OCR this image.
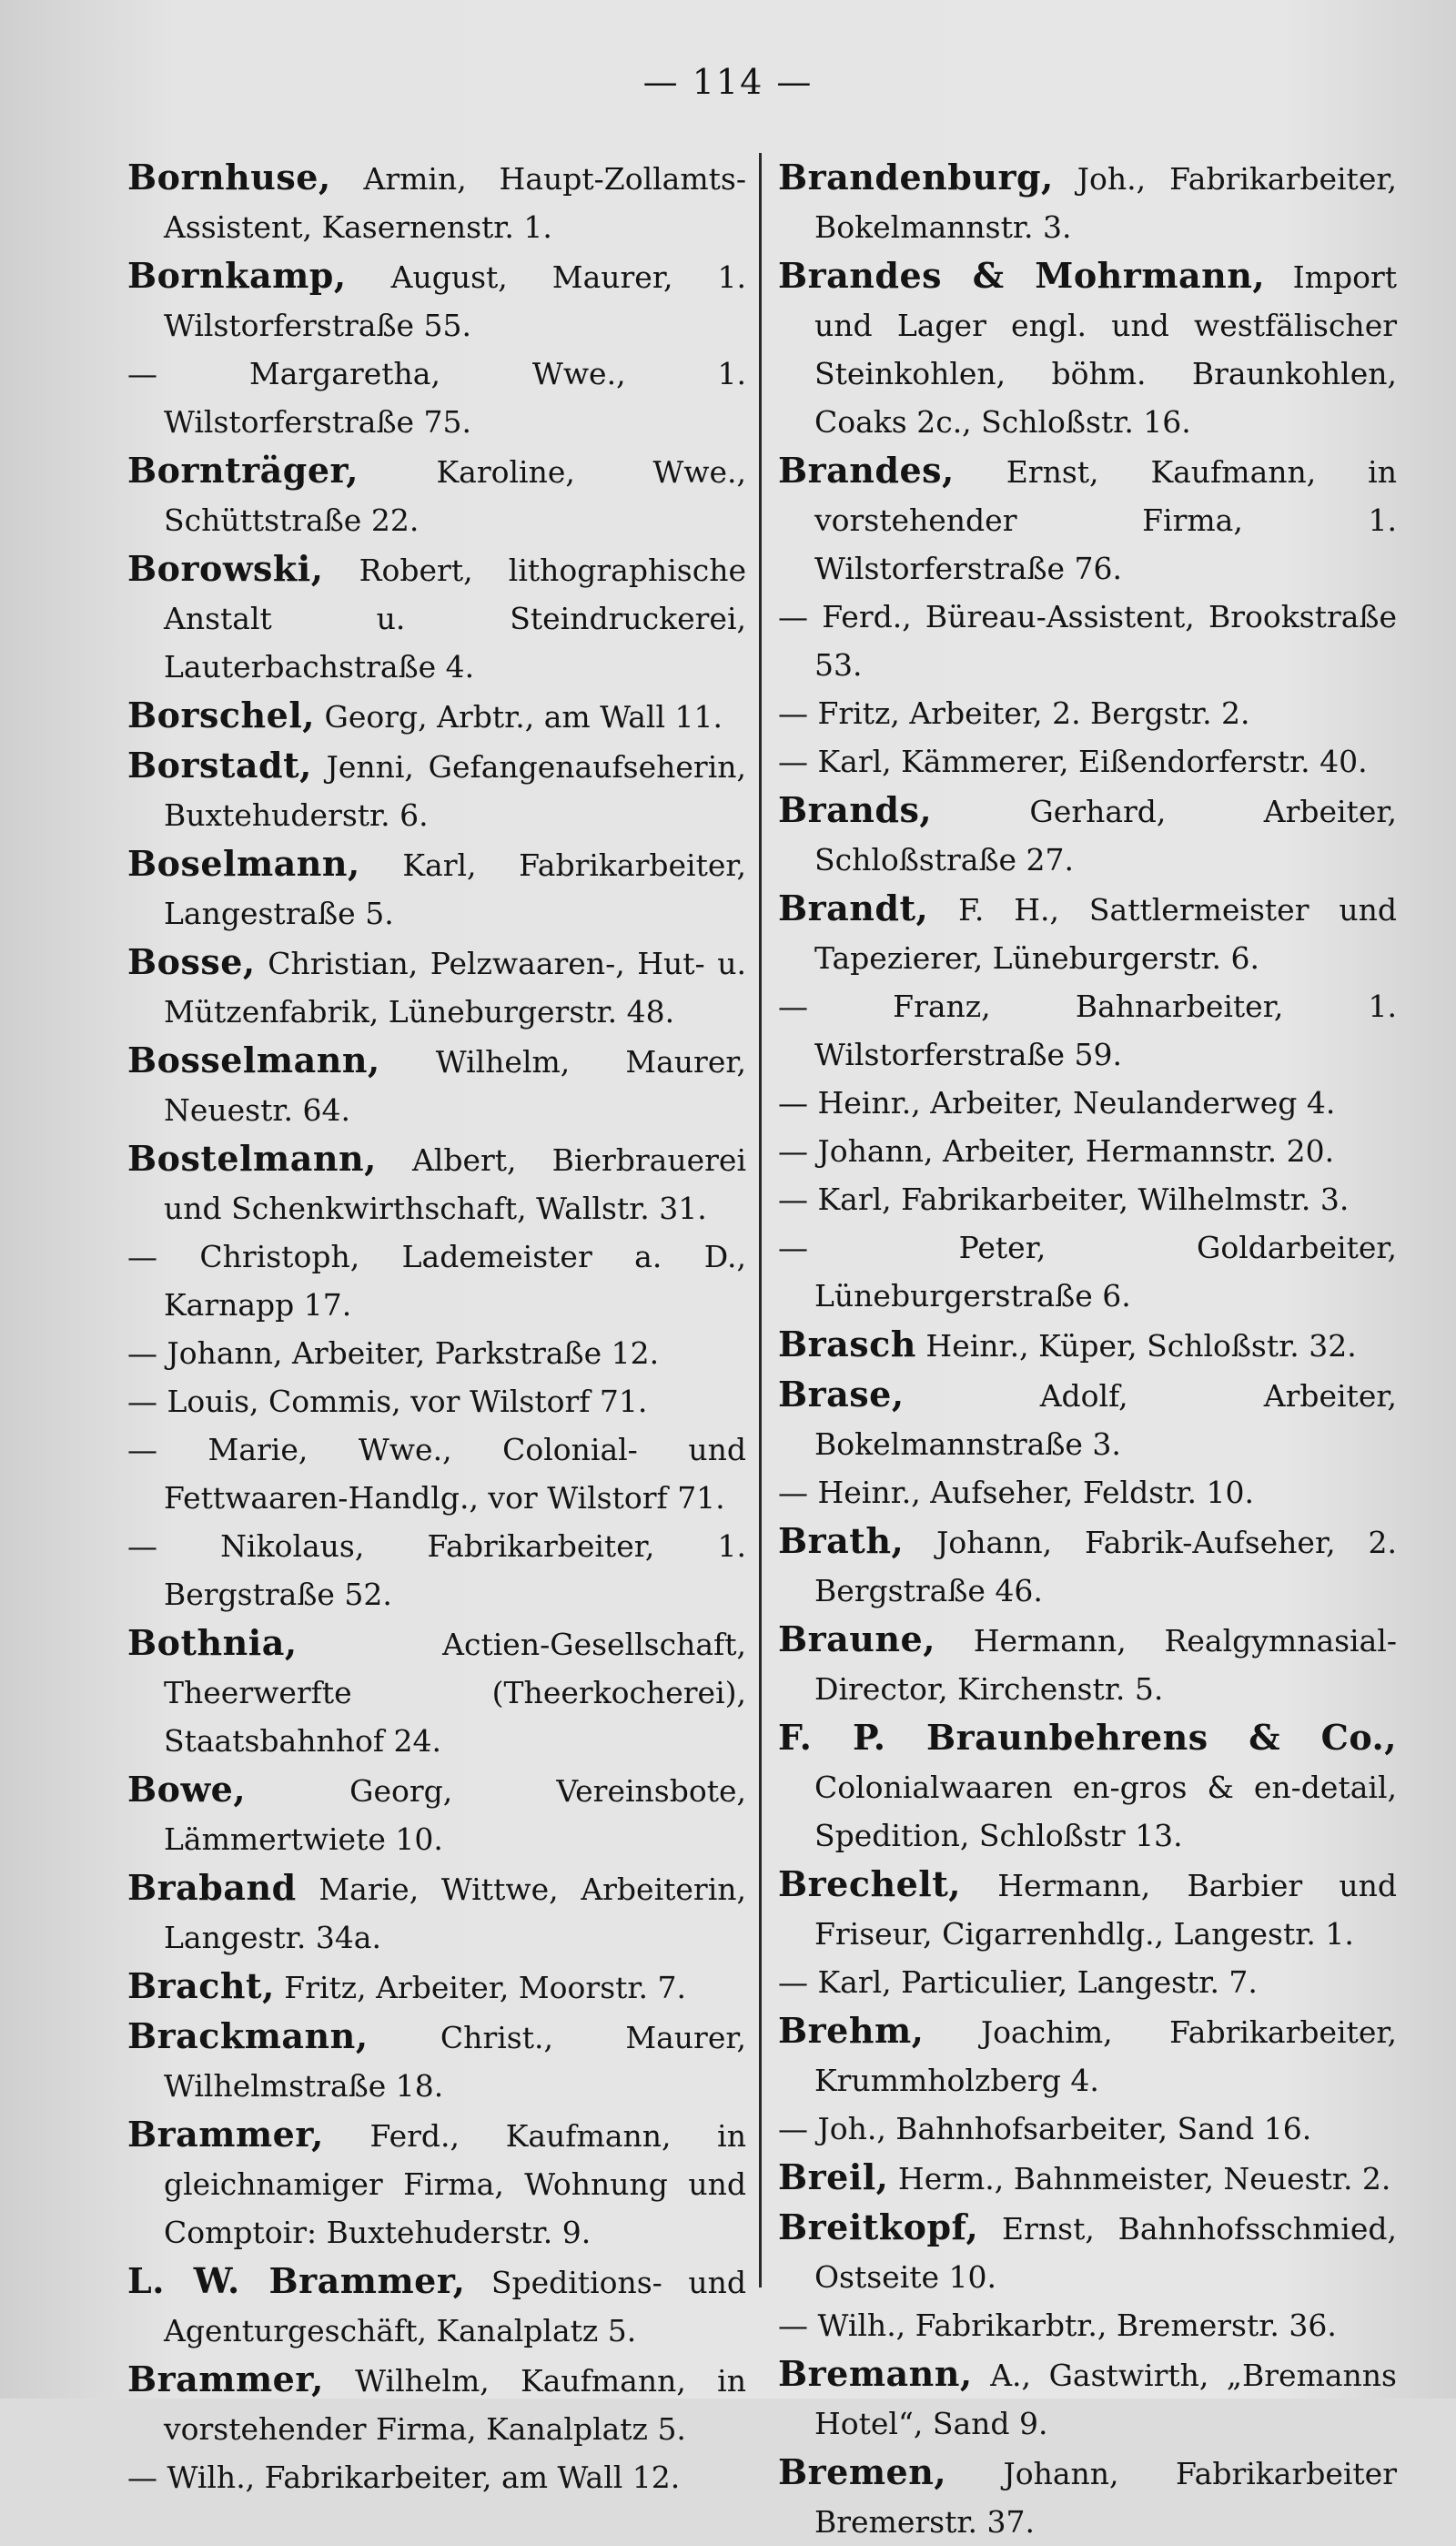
— 114 —
Bornhuse, Armin, Haupt-Zollamts-Assistent, Kasernenstr. 1.
Bornkamp, August, Maurer, 1. Wilstorferstraße 55.
— Margaretha, Wwe., 1. Wilstorferstraße 75.
Bornträger, Karoline, Wwe., Schüttstraße 22.
Borowski, Robert, lithographische Anstalt u. Steindruckerei, Lauterbachstraße 4.
Borschel, Georg, Arbtr., am Wall 11.
Borstadt, Jenni, Gefangenaufseherin, Buxtehuderstr. 6.
Boselmann, Karl, Fabrikarbeiter, Langestraße 5.
Bosse, Christian, Pelzwaaren-, Hut- u. Mützenfabrik, Lüneburgerstr. 48.
Bosselmann, Wilhelm, Maurer, Neuestr. 64.
Bostelmann, Albert, Bierbrauerei und Schenkwirthschaft, Wallstr. 31.
— Christoph, Lademeister a. D., Karnapp 17.
— Johann, Arbeiter, Parkstraße 12.
— Louis, Commis, vor Wilstorf 71.
— Marie, Wwe., Colonial- und Fettwaaren-Handlg., vor Wilstorf 71.
— Nikolaus, Fabrikarbeiter, 1. Bergstraße 52.
Bothnia, Actien-Gesellschaft, Theerwerfte (Theerkocherei), Staatsbahnhof 24.
Bowe, Georg, Vereinsbote, Lämmertwiete 10.
Braband Marie, Wittwe, Arbeiterin, Langestr. 34a.
Bracht, Fritz, Arbeiter, Moorstr. 7.
Brackmann, Christ., Maurer, Wilhelmstraße 18.
Brammer, Ferd., Kaufmann, in gleichnamiger Firma, Wohnung und Comptoir: Buxtehuderstr. 9.
L. W. Brammer, Speditions- und Agenturgeschäft, Kanalplatz 5.
Brammer, Wilhelm, Kaufmann, in vorstehender Firma, Kanalplatz 5.
— Wilh., Fabrikarbeiter, am Wall 12.
Brandenburg, Joh., Fabrikarbeiter, Bokelmannstr. 3.
Brandes & Mohrmann, Import und Lager engl. und westfälischer Steinkohlen, böhm. Braunkohlen, Coaks 2c., Schloßstr. 16.
Brandes, Ernst, Kaufmann, in vorstehender Firma, 1. Wilstorferstraße 76.
— Ferd., Büreau-Assistent, Brookstraße 53.
— Fritz, Arbeiter, 2. Bergstr. 2.
— Karl, Kämmerer, Eißendorferstr. 40.
Brands, Gerhard, Arbeiter, Schloßstraße 27.
Brandt, F. H., Sattlermeister und Tapezierer, Lüneburgerstr. 6.
— Franz, Bahnarbeiter, 1. Wilstorferstraße 59.
— Heinr., Arbeiter, Neulanderweg 4.
— Johann, Arbeiter, Hermannstr. 20.
— Karl, Fabrikarbeiter, Wilhelmstr. 3.
— Peter, Goldarbeiter, Lüneburgerstraße 6.
Brasch Heinr., Küper, Schloßstr. 32.
Brase, Adolf, Arbeiter, Bokelmannstraße 3.
— Heinr., Aufseher, Feldstr. 10.
Brath, Johann, Fabrik-Aufseher, 2. Bergstraße 46.
Braune, Hermann, Realgymnasial-Director, Kirchenstr. 5.
F. P. Braunbehrens & Co., Colonialwaaren en-gros & en-detail, Spedition, Schloßstr 13.
Brechelt, Hermann, Barbier und Friseur, Cigarrenhdlg., Langestr. 1.
— Karl, Particulier, Langestr. 7.
Brehm, Joachim, Fabrikarbeiter, Krummholzberg 4.
— Joh., Bahnhofsarbeiter, Sand 16.
Breil, Herm., Bahnmeister, Neuestr. 2.
Breitkopf, Ernst, Bahnhofsschmied, Ostseite 10.
— Wilh., Fabrikarbtr., Bremerstr. 36.
Bremann, A., Gastwirth, „Bremanns Hotel“, Sand 9.
Bremen, Johann, Fabrikarbeiter Bremerstr. 37.
